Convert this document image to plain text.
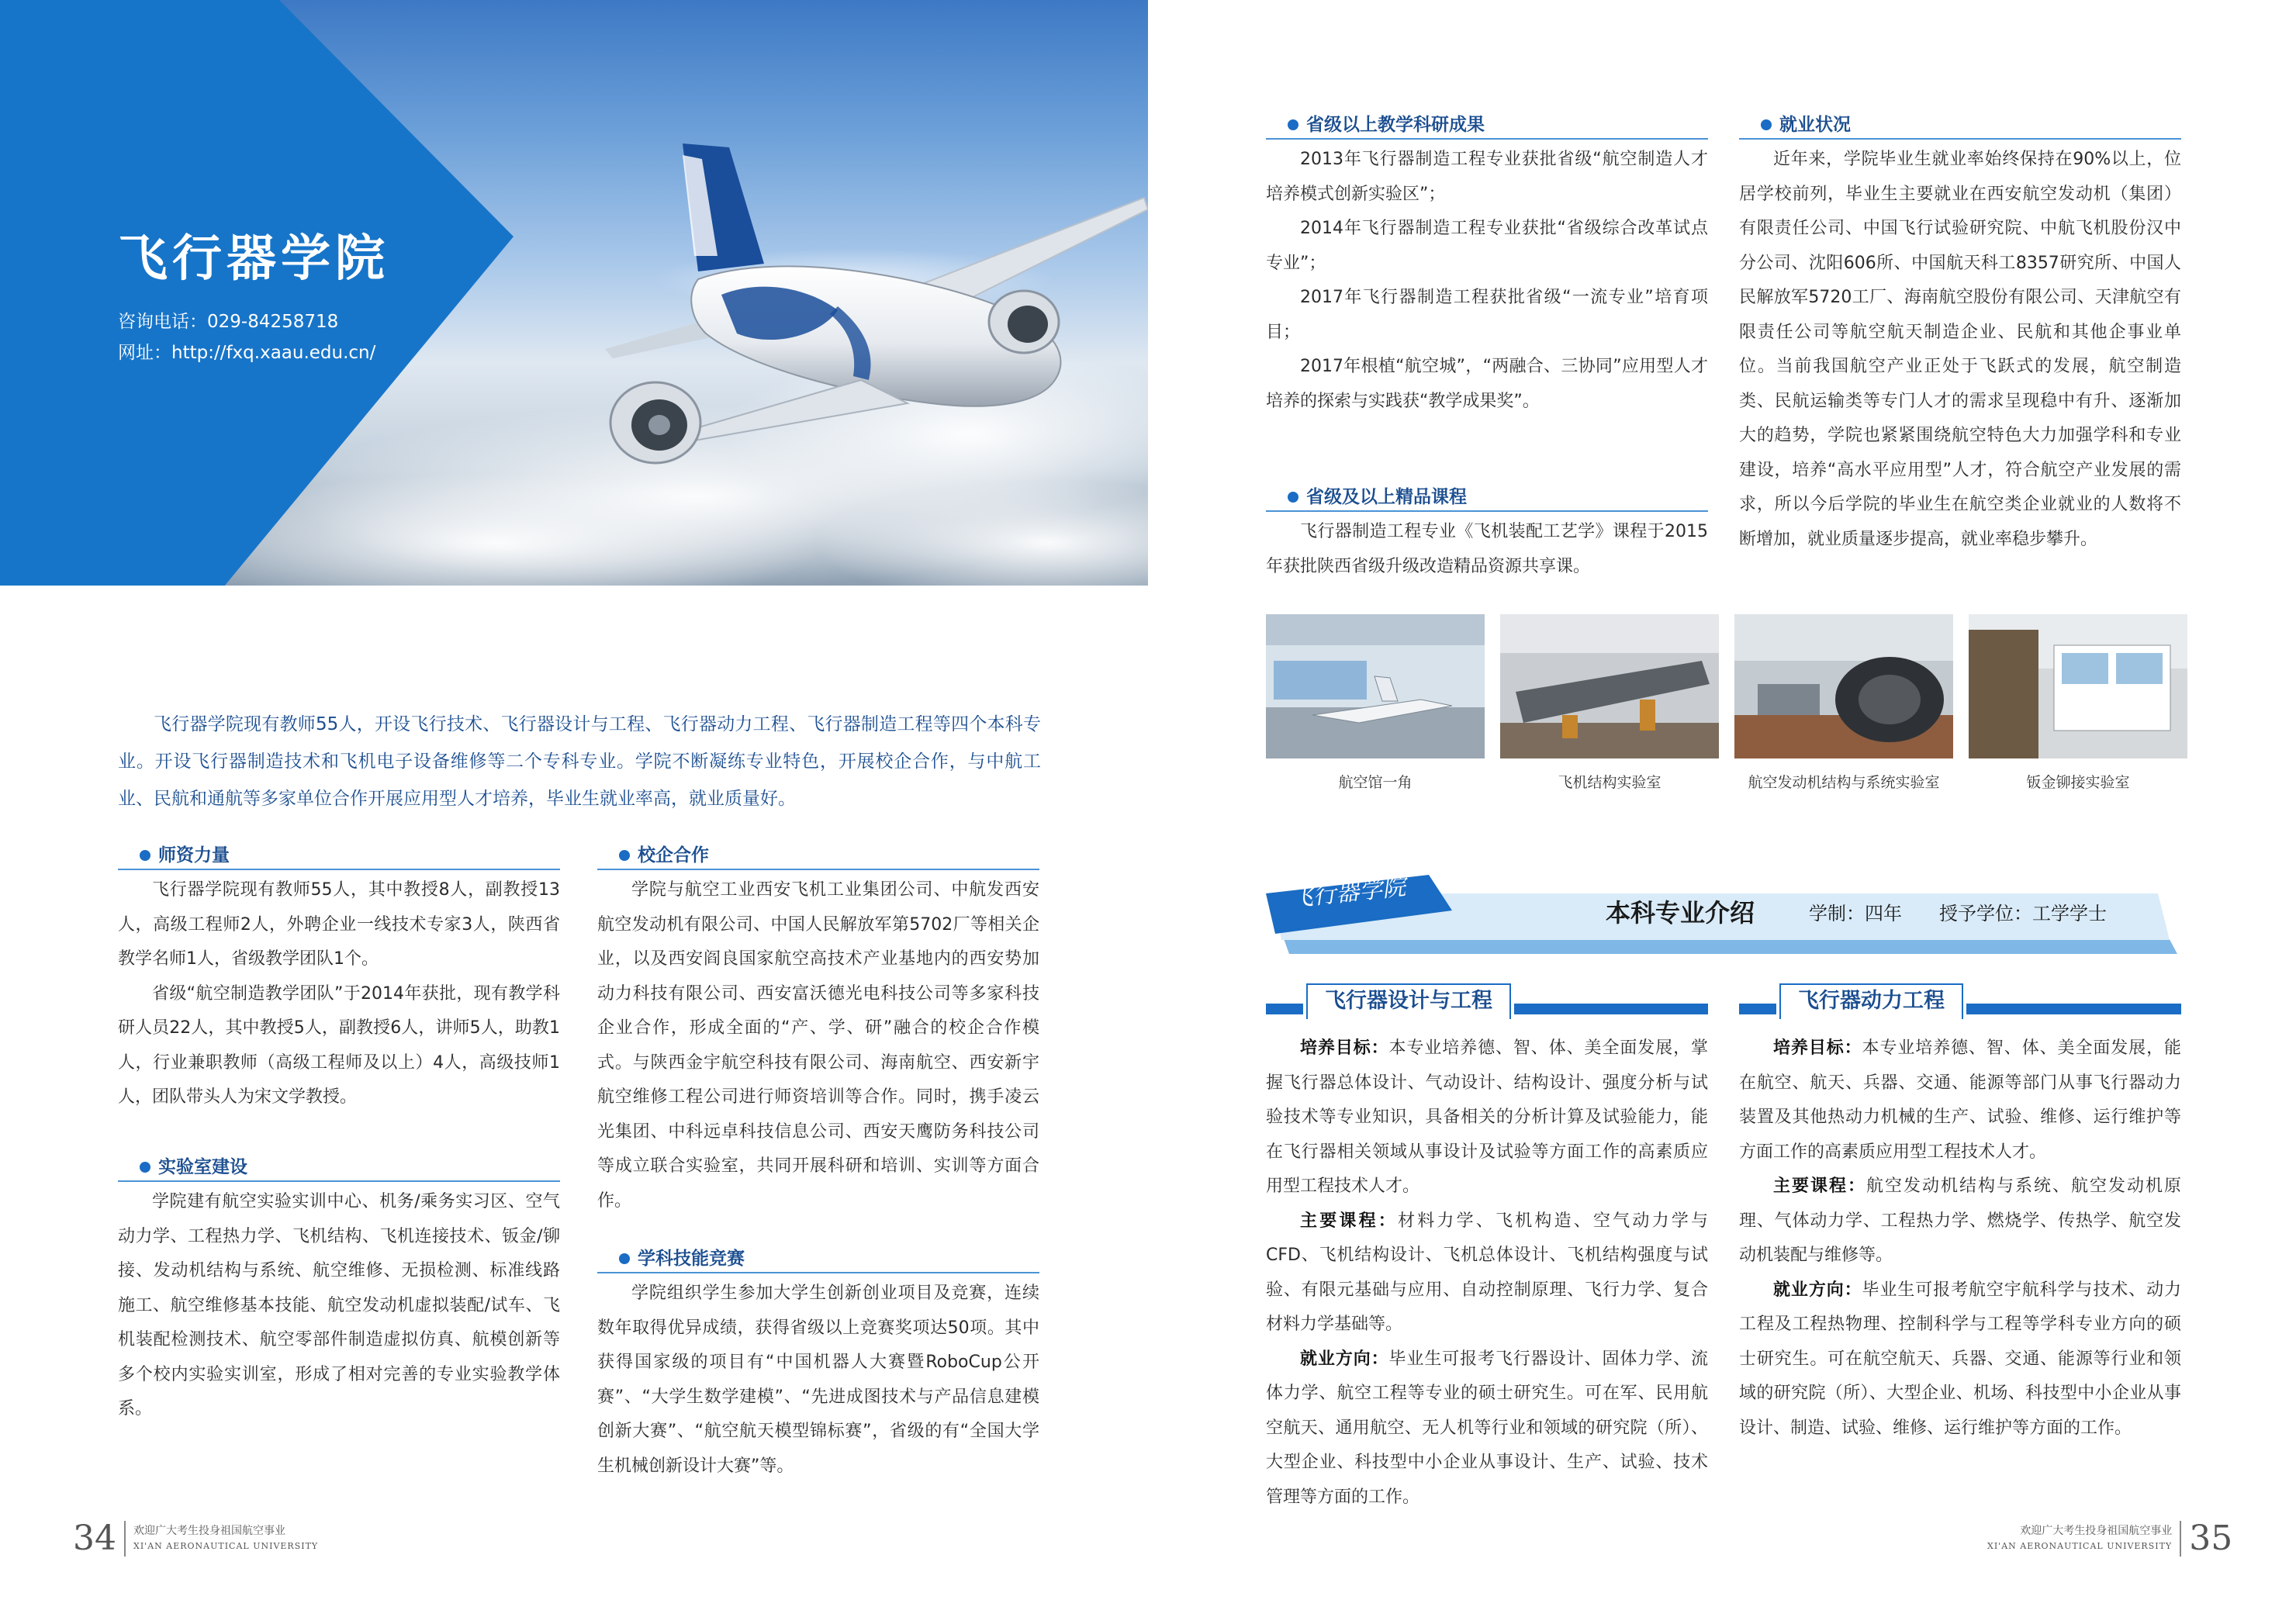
飞行器学院
咨询电话：029-84258718
网址：http://fxq.xaau.edu.cn/
飞行器学院现有教师55人，开设飞行技术、飞行器设计与工程、飞行器动力工程、飞行器制造工程等四个本科专业。开设飞行器制造技术和飞机电子设备维修等二个专科专业。学院不断凝练专业特色，开展校企合作，与中航工业、民航和通航等多家单位合作开展应用型人才培养，毕业生就业率高，就业质量好。
师资力量

飞行器学院现有教师55人，其中教授8人，副教授13人，高级工程师2人，外聘企业一线技术专家3人，陕西省教学名师1人，省级教学团队1个。

省级“航空制造教学团队”于2014年获批，现有教学科研人员22人，其中教授5人，副教授6人，讲师5人，助教1人，行业兼职教师（高级工程师及以上）4人，高级技师1人，团队带头人为宋文学教授。

实验室建设

学院建有航空实验实训中心、机务/乘务实习区、空气动力学、工程热力学、飞机结构、飞机连接技术、钣金/铆接、发动机结构与系统、航空维修、无损检测、标准线路施工、航空维修基本技能、航空发动机虚拟装配/试车、飞机装配检测技术、航空零部件制造虚拟仿真、航模创新等多个校内实验实训室，形成了相对完善的专业实验教学体系。

校企合作

学院与航空工业西安飞机工业集团公司、中航发西安航空发动机有限公司、中国人民解放军第5702厂等相关企业，以及西安阎良国家航空高技术产业基地内的西安势加动力科技有限公司、西安富沃德光电科技公司等多家科技企业合作，形成全面的“产、学、研”融合的校企合作模式。与陕西金宇航空科技有限公司、海南航空、西安新宇航空维修工程公司进行师资培训等合作。同时，携手凌云光集团、中科远卓科技信息公司、西安天鹰防务科技公司等成立联合实验室，共同开展科研和培训、实训等方面合作。

学科技能竞赛

学院组织学生参加大学生创新创业项目及竞赛，连续数年取得优异成绩，获得省级以上竞赛奖项达50项。其中获得国家级的项目有“中国机器人大赛暨RoboCup公开赛”、“大学生数学建模”、“先进成图技术与产品信息建模创新大赛”、“航空航天模型锦标赛”，省级的有“全国大学生机械创新设计大赛”等。

34 欢迎广大考生投身祖国航空事业
XI'AN AERONAUTICAL UNIVERSITY
省级以上教学科研成果

2013年飞行器制造工程专业获批省级“航空制造人才培养模式创新实验区”；

2014年飞行器制造工程专业获批“省级综合改革试点专业”；

2017年飞行器制造工程获批省级“一流专业”培育项目；

2017年根植“航空城”，“两融合、三协同”应用型人才培养的探索与实践获“教学成果奖”。

省级及以上精品课程

飞行器制造工程专业《飞机装配工艺学》课程于2015年获批陕西省级升级改造精品资源共享课。

就业状况

近年来，学院毕业生就业率始终保持在90%以上，位居学校前列，毕业生主要就业在西安航空发动机（集团）有限责任公司、中国飞行试验研究院、中航飞机股份汉中分公司、沈阳606所、中国航天科工8357研究所、中国人民解放军5720工厂、海南航空股份有限公司、天津航空有限责任公司等航空航天制造企业、民航和其他企事业单位。当前我国航空产业正处于飞跃式的发展，航空制造类、民航运输类等专门人才的需求呈现稳中有升、逐渐加大的趋势，学院也紧紧围绕航空特色大力加强学科和专业建设，培养“高水平应用型”人才，符合航空产业发展的需求，所以今后学院的毕业生在航空类企业就业的人数将不断增加，就业质量逐步提高，就业率稳步攀升。

航空馆一角	飞机结构实验室	航空发动机结构与系统实验室	钣金铆接实验室
飞行器学院
本科专业介绍	学制：四年　　授予学位：工学学士
飞行器设计与工程

培养目标：本专业培养德、智、体、美全面发展，掌握飞行器总体设计、气动设计、结构设计、强度分析与试验技术等专业知识，具备相关的分析计算及试验能力，能在飞行器相关领域从事设计及试验等方面工作的高素质应用型工程技术人才。

主要课程：材料力学、飞机构造、空气动力学与CFD、飞机结构设计、飞机总体设计、飞机结构强度与试验、有限元基础与应用、自动控制原理、飞行力学、复合材料力学基础等。

就业方向：毕业生可报考飞行器设计、固体力学、流体力学、航空工程等专业的硕士研究生。可在军、民用航空航天、通用航空、无人机等行业和领域的研究院（所）、大型企业、科技型中小企业从事设计、生产、试验、技术管理等方面的工作。

飞行器动力工程

培养目标：本专业培养德、智、体、美全面发展，能在航空、航天、兵器、交通、能源等部门从事飞行器动力装置及其他热动力机械的生产、试验、维修、运行维护等方面工作的高素质应用型工程技术人才。

主要课程：航空发动机结构与系统、航空发动机原理、气体动力学、工程热力学、燃烧学、传热学、航空发动机装配与维修等。

就业方向：毕业生可报考航空宇航科学与技术、动力工程及工程热物理、控制科学与工程等学科专业方向的硕士研究生。可在航空航天、兵器、交通、能源等行业和领域的研究院（所）、大型企业、机场、科技型中小企业从事设计、制造、试验、维修、运行维护等方面的工作。

欢迎广大考生投身祖国航空事业
XI'AN AERONAUTICAL UNIVERSITY 35
